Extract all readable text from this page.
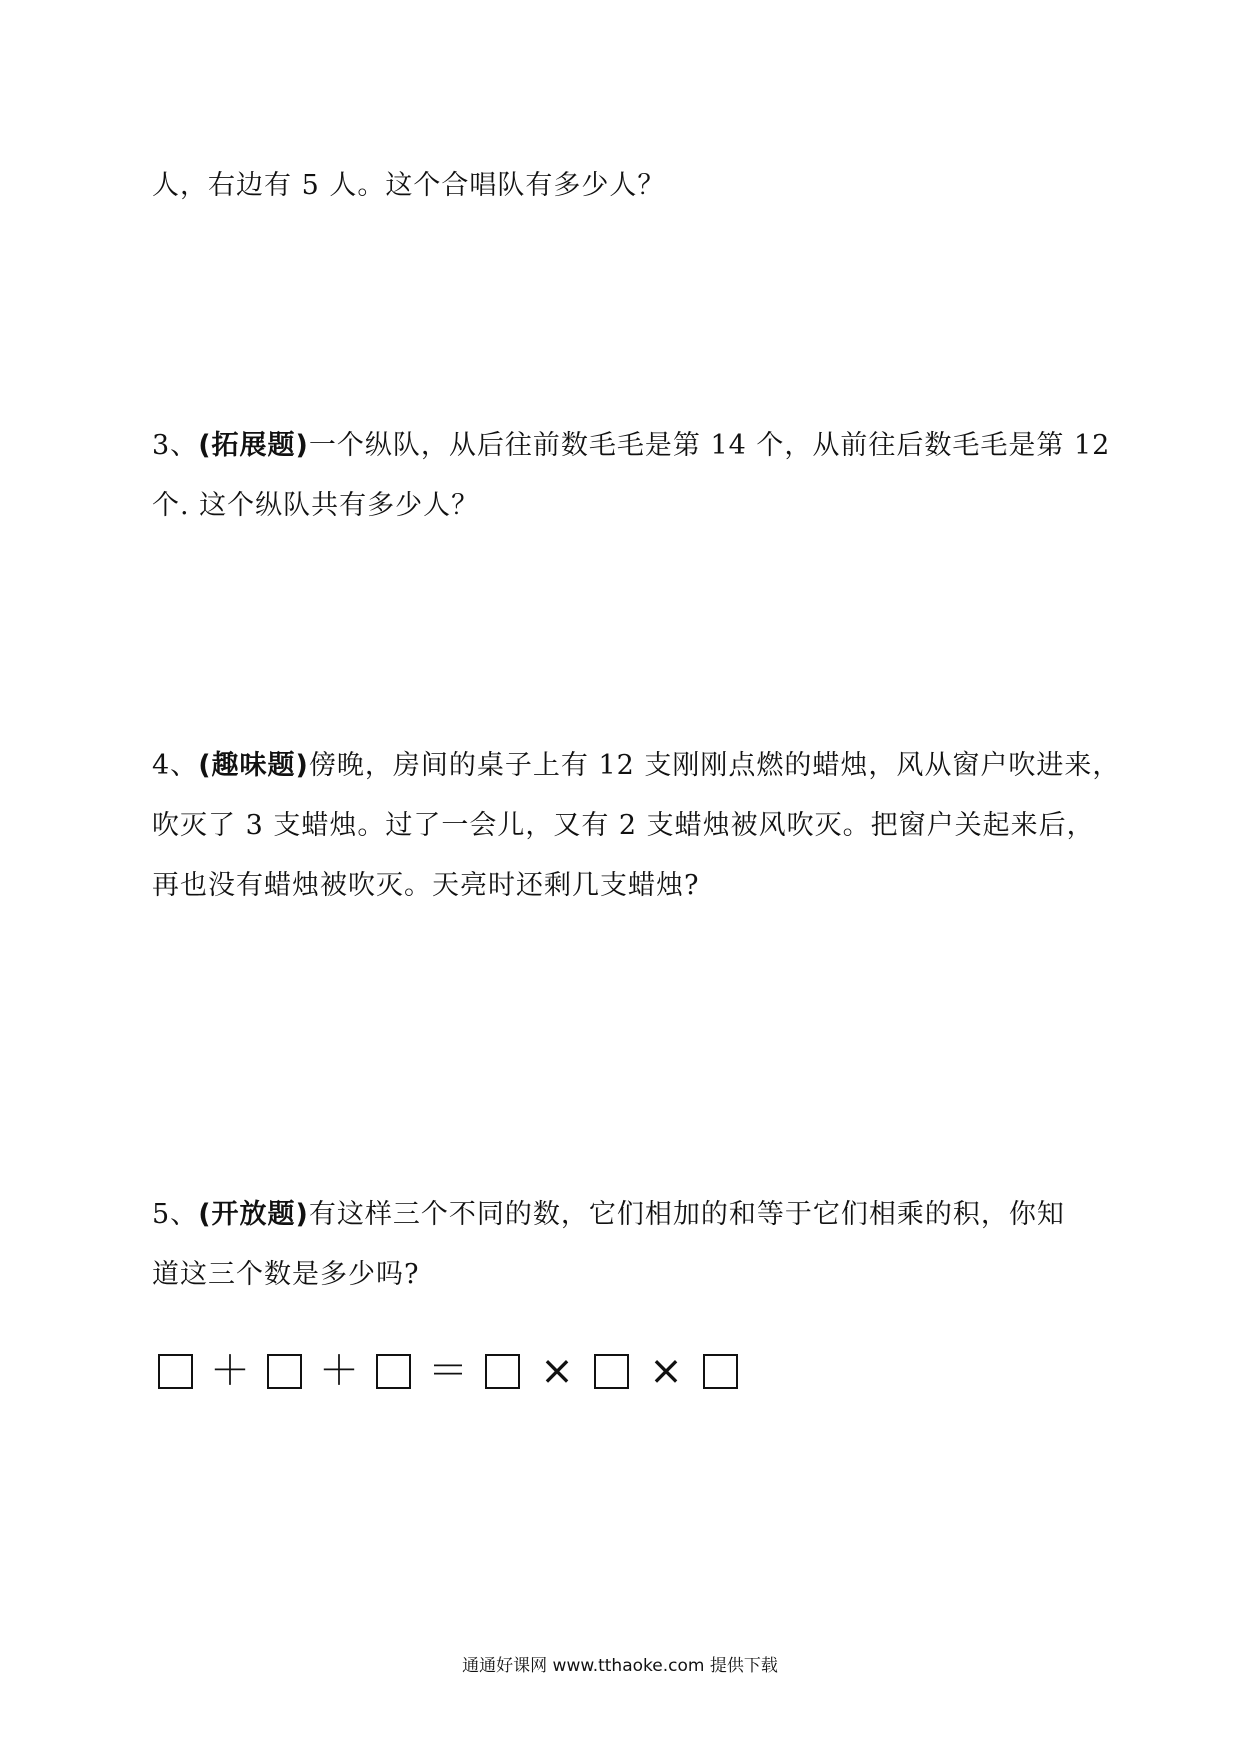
人，右边有 5 人。这个合唱队有多少人？
3、(拓展题)一个纵队，从后往前数毛毛是第 14 个，从前往后数毛毛是第 12
个. 这个纵队共有多少人？
4、(趣味题)傍晚，房间的桌子上有 12 支刚刚点燃的蜡烛，风从窗户吹进来，
吹灭了 3 支蜡烛。过了一会儿，又有 2 支蜡烛被风吹灭。把窗户关起来后，
再也没有蜡烛被吹灭。天亮时还剩几支蜡烛?
5、(开放题)有这样三个不同的数，它们相加的和等于它们相乘的积，你知
道这三个数是多少吗?
＋	＋	＝	×	×
通通好课网 www.tthaoke.com 提供下载
